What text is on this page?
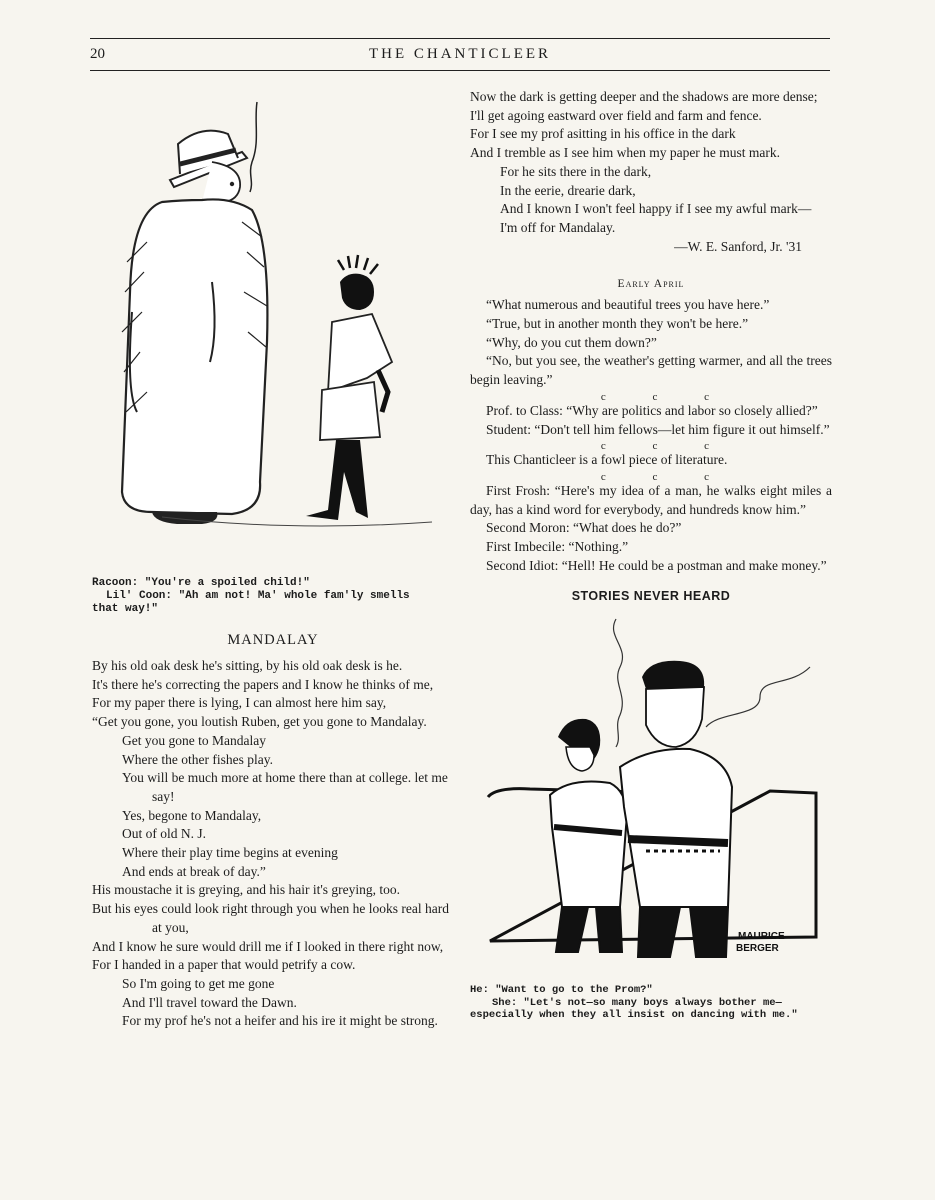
20	THE CHANTICLEER

Racoon: "You're a spoiled child!"

Lil' Coon: "Ah am not! Ma' whole fam'ly smells

that way!"

MANDALAY

By his old oak desk he's sitting, by his old oak desk is he.

It's there he's correcting the papers and I know he thinks of me,

For my paper there is lying, I can almost here him say,

“Get you gone, you loutish Ruben, get you gone to Mandalay.

Get you gone to Mandalay

Where the other fishes play.

You will be much more at home there than at college. let me say!

Yes, begone to Mandalay,

Out of old N. J.

Where their play time begins at evening

And ends at break of day.”

His moustache it is greying, and his hair it's greying, too.

But his eyes could look right through you when he looks real hard at you,

And I know he sure would drill me if I looked in there right now,

For I handed in a paper that would petrify a cow.

So I'm going to get me gone

And I'll travel toward the Dawn.

For my prof he's not a heifer and his ire it might be strong.

Now the dark is getting deeper and the shadows are more dense;

I'll get agoing eastward over field and farm and fence.

For I see my prof asitting in his office in the dark

And I tremble as I see him when my paper he must mark.

For he sits there in the dark,

In the eerie, drearie dark,

And I known I won't feel happy if I see my awful mark—

I'm off for Mandalay.

—W. E. Sanford, Jr. '31

Early April

“What numerous and beautiful trees you have here.”

“True, but in another month they won't be here.”

“Why, do you cut them down?”

“No, but you see, the weather's getting warmer, and all the trees begin leaving.”

c c c

Prof. to Class: “Why are politics and labor so closely allied?”

Student: “Don't tell him fellows—let him figure it out himself.”

c c c

This Chanticleer is a fowl piece of literature.

c c c

First Frosh: “Here's my idea of a man, he walks eight miles a day, has a kind word for everybody, and hundreds know him.”

Second Moron: “What does he do?”

First Imbecile: “Nothing.”

Second Idiot: “Hell! He could be a postman and make money.”

STORIES NEVER HEARD
MAURICE
BERGER

He: "Want to go to the Prom?"

She: "Let's not—so many boys always bother me—

especially when they all insist on dancing with me."
